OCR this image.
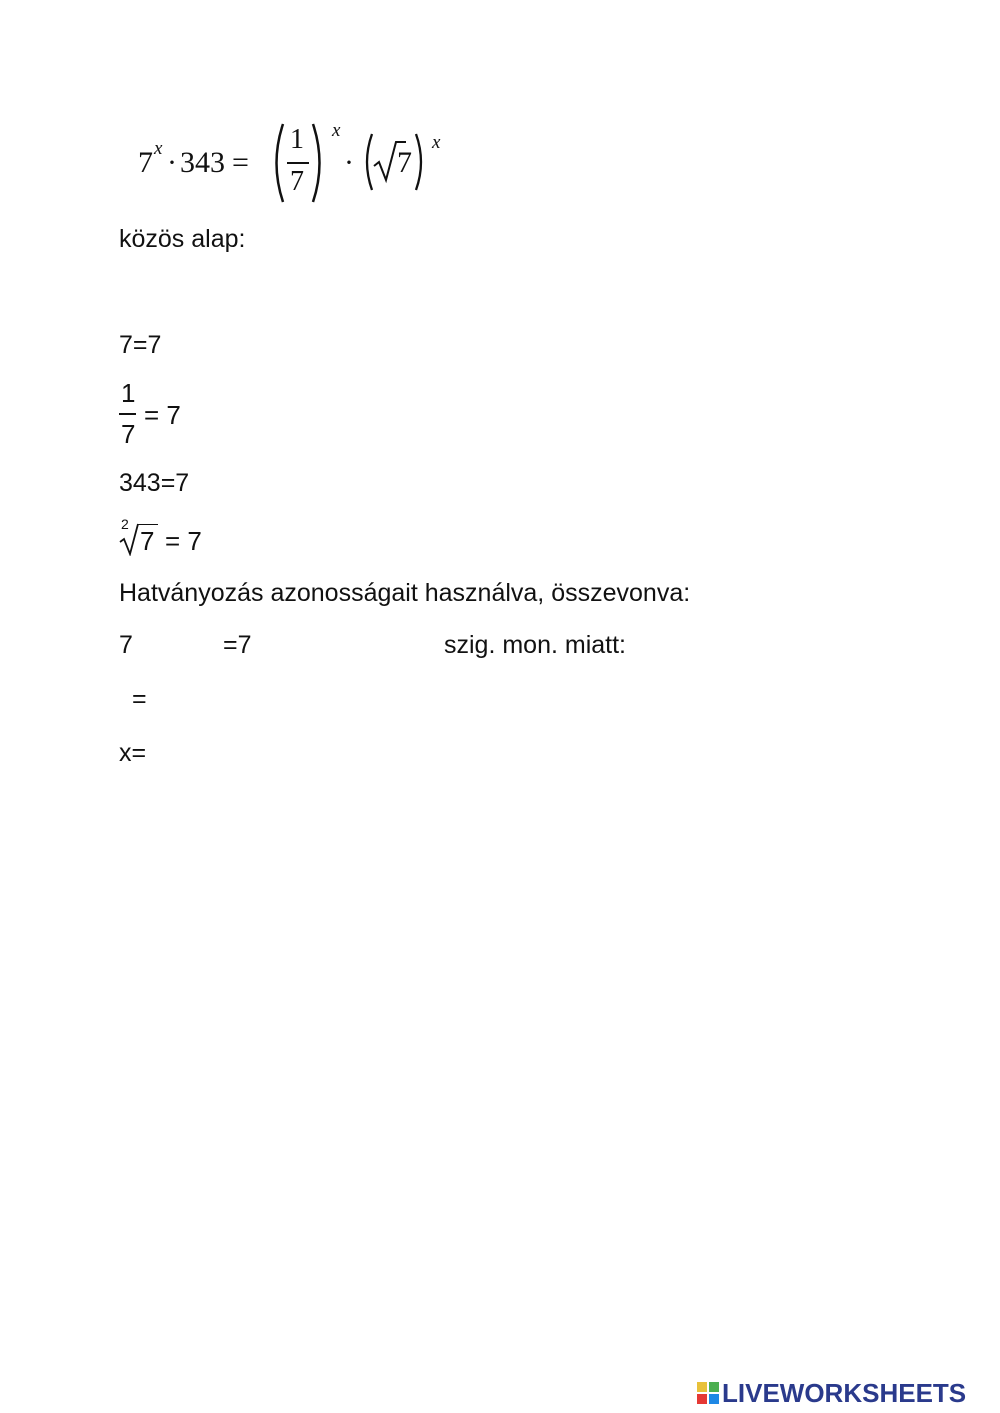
7 x · 343 =
1
7
x
· 7
x
közös alap:
7=7
1
7
= 7
343=7
2
7 = 7
Hatványozás azonosságait használva, összevonva:
7	=7	szig. mon. miatt:
=
x=
LIVEWORKSHEETS
